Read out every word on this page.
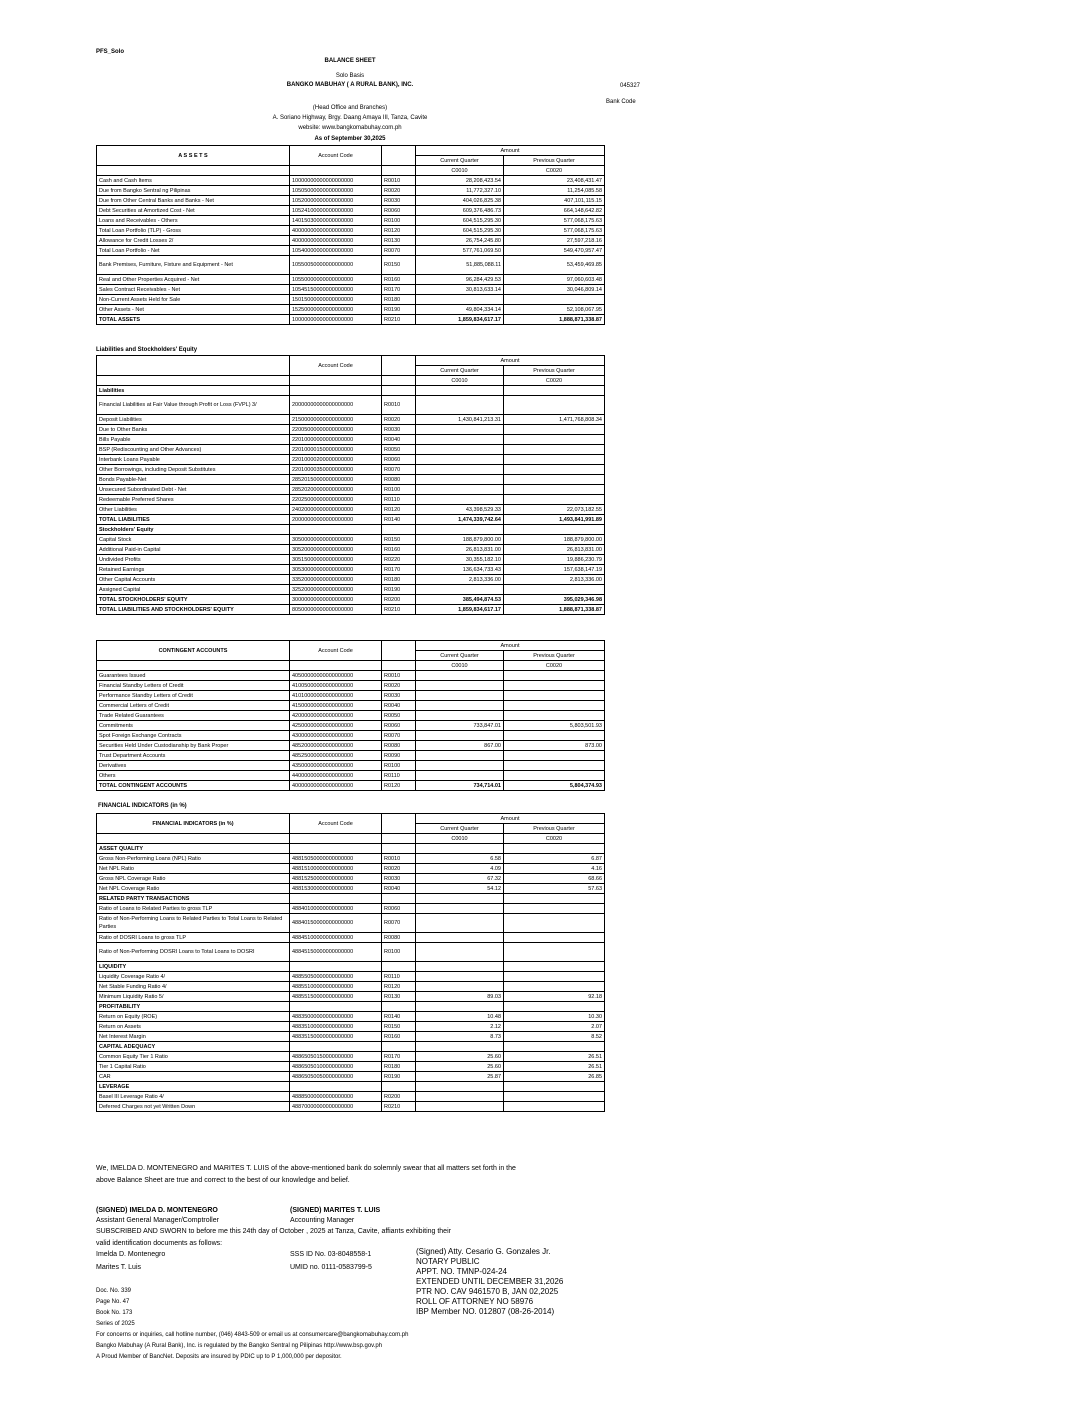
PFS_Solo
BALANCE SHEET
Solo Basis
BANGKO MABUHAY ( A RURAL BANK), INC.	045327
Bank Code
(Head Office and Branches)
A. Soriano Highway, Brgy. Daang Amaya III, Tanza, Cavite
website: www.bangkomabuhay.com.ph
As of September 30,2025
A S S E T S	Account Code		Amount	
			Current Quarter	Previous Quarter
			C0010	C0020
Cash and Cash Items	10000000000000000000	R0010	28,208,423.54	23,408,431.47
Due from Bangko Sentral ng Pilipinas	10505000000000000000	R0020	11,772,327.10	11,254,085.58
Due from Other Central Banks and Banks - Net	10520000000000000000	R0030	404,026,825.38	407,101,115.15
Debt Securities at Amortized Cost - Net	10524100000000000000	R0060	609,376,486.73	664,148,642.82
Loans and Receivables - Others	14015030000000000000	R0100	604,515,295.30	577,068,175.63
Total Loan Portfolio (TLP) - Gross	40000000000000000000	R0120	604,515,295.30	577,068,175.63
Allowance for Credit Losses 2/	40000000000000000000	R0130	26,754,245.80	27,597,218.16
Total Loan Portfolio - Net	10540000000000000000	R0070	577,761,069.50	549,470,957.47
Bank Premises, Furniture, Fixture and Equipment - Net	10550050000000000000	R0150	51,885,088.11	53,459,469.85
Real and Other Properties Acquired - Net	10550000000000000000	R0160	96,284,429.53	97,060,603.48
Sales Contract Receivables - Net	10545150000000000000	R0170	30,813,633.14	30,046,809.14
Non-Current Assets Held for Sale	15015000000000000000	R0180		
Other Assets - Net	15250000000000000000	R0190	49,804,334.14	52,108,067.95
TOTAL ASSETS	10000000000000000000	R0210	1,859,834,617.17	1,888,871,338.87
Liabilities and Stockholders' Equity
	Account Code		Amount	
			Current Quarter	Previous Quarter
			C0010	C0020
Liabilities				
Financial Liabilities at Fair Value through Profit or Loss (FVPL) 3/	20000000000000000000	R0010		
Deposit Liabilities	21500000000000000000	R0020	1,430,841,213.31	1,471,768,808.34
Due to Other Banks	22005000000000000000	R0030		
Bills Payable	22010000000000000000	R0040		
BSP (Rediscounting and Other Advances)	22010000150000000000	R0050		
Interbank Loans Payable	22010000200000000000	R0060		
Other Borrowings, including Deposit Substitutes	22010000350000000000	R0070		
Bonds Payable-Net	28520150000000000000	R0080		
Unsecured Subordinated Debt - Net	28520200000000000000	R0100		
Redeemable Preferred Shares	22025000000000000000	R0110		
Other Liabilities	24020000000000000000	R0120	43,398,529.33	22,073,182.55
TOTAL LIABILITIES	20000000000000000000	R0140	1,474,339,742.64	1,493,841,991.89
Stockholders' Equity				
Capital Stock	30500000000000000000	R0150	188,879,800.00	188,879,800.00
Additional Paid-in Capital	30520000000000000000	R0160	26,813,831.00	26,813,831.00
Undivided Profits	30515000000000000000	R0220	30,355,182.10	19,886,230.79
Retained Earnings	30530000000000000000	R0170	136,634,733.43	157,638,147.19
Other Capital Accounts	33520000000000000000	R0180	2,813,336.00	2,813,336.00
Assigned Capital	32520000000000000000	R0190		
TOTAL STOCKHOLDERS' EQUITY	30000000000000000000	R0200	385,494,874.53	395,029,346.98
TOTAL LIABILITIES AND STOCKHOLDERS' EQUITY	80500000000000000000	R0210	1,859,834,617.17	1,888,871,338.87
CONTINGENT ACCOUNTS	Account Code		Amount	
			Current Quarter	Previous Quarter
			C0010	C0020
Guarantees Issued	40500000000000000000	R0010		
Financial Standby Letters of Credit	41005000000000000000	R0020		
Performance Standby Letters of Credit	41010000000000000000	R0030		
Commercial Letters of Credit	41500000000000000000	R0040		
Trade Related Guarantees	42000000000000000000	R0050		
Commitments	42500000000000000000	R0060	733,847.01	5,803,501.93
Spot Foreign Exchange Contracts	43000000000000000000	R0070		
Securities Held Under Custodianship by Bank Proper	48520000000000000000	R0080	867.00	873.00
Trust Department Accounts	48525000000000000000	R0090		
Derivatives	43500000000000000000	R0100		
Others	44000000000000000000	R0110		
TOTAL CONTINGENT ACCOUNTS	40000000000000000000	R0120	734,714.01	5,804,374.93
FINANCIAL INDICATORS (in %)
FINANCIAL INDICATORS (in %)	Account Code		Amount	
			Current Quarter	Previous Quarter
			C0010	C0020
ASSET QUALITY				
Gross Non-Performing Loans (NPL) Ratio	48815050000000000000	R0010	6.58	6.87
Net NPL Ratio	48815100000000000000	R0020	4.09	4.16
Gross NPL Coverage Ratio	48815250000000000000	R0030	67.32	68.66
Net NPL Coverage Ratio	48815300000000000000	R0040	54.12	57.63
RELATED PARTY TRANSACTIONS				
Ratio of Loans to Related Parties to gross TLP	48840100000000000000	R0060		
Ratio of Non-Performing Loans to Related Parties to Total Loans to Related Parties	48840150000000000000	R0070		
Ratio of DOSRI Loans to gross TLP	48845100000000000000	R0080		
Ratio of Non-Performing DOSRI Loans to Total Loans to DOSRI	48845150000000000000	R0100		
LIQUIDITY				
Liquidity Coverage Ratio 4/	48855050000000000000	R0110		
Net Stable Funding Ratio 4/	48855100000000000000	R0120		
Minimum Liquidity Ratio 5/	48855150000000000000	R0130	89.03	92.18
PROFITABILITY				
Return on Equity (ROE)	48835000000000000000	R0140	10.48	10.30
Return on Assets	48835100000000000000	R0150	2.12	2.07
Net Interest Margin	48835150000000000000	R0160	8.73	8.52
CAPITAL ADEQUACY				
Common Equity Tier 1 Ratio	48865050150000000000	R0170	25.60	26.51
Tier 1 Capital Ratio	48865050100000000000	R0180	25.60	26.51
CAR	48865050050000000000	R0190	25.87	26.85
LEVERAGE				
Basel III Leverage Ratio 4/	48885000000000000000	R0200		
Deferred Charges not yet Written Down	48870000000000000000	R0210		
We, IMELDA D. MONTENEGRO and MARITES T. LUIS of the above-mentioned bank do solemnly swear that all matters set forth in the
above Balance Sheet are true and correct to the best of our knowledge and belief.
(SIGNED) IMELDA D. MONTENEGRO
Assistant General Manager/Comptroller
(SIGNED) MARITES T. LUIS
Accounting Manager
SUBSCRIBED AND SWORN to before me this 24th day of October , 2025 at Tanza, Cavite, affiants exhibiting their
valid identification documents as follows:
Imelda D. Montenegro	SSS ID No. 03-8048558-1
Marites T. Luis	UMID no. 0111-0583799-5
(Signed) Atty. Cesario G. Gonzales Jr.
NOTARY PUBLIC
APPT. NO. TMNP-024-24
EXTENDED UNTIL DECEMBER 31,2026
PTR NO. CAV 9461570 B, JAN 02,2025
ROLL OF ATTORNEY NO 58976
IBP Member NO. 012807 (08-26-2014)
Doc. No. 339
Page No. 47
Book No. 173
Series of 2025
For concerns or inquiries, call hotline number, (046) 4843-509 or email us at consumercare@bangkomabuhay.com.ph
Bangko Mabuhay (A Rural Bank), Inc. is regulated by the Bangko Sentral ng Pilipinas http://www.bsp.gov.ph
A Proud Member of BancNet. Deposits are insured by PDIC up to P 1,000,000 per depositor.
